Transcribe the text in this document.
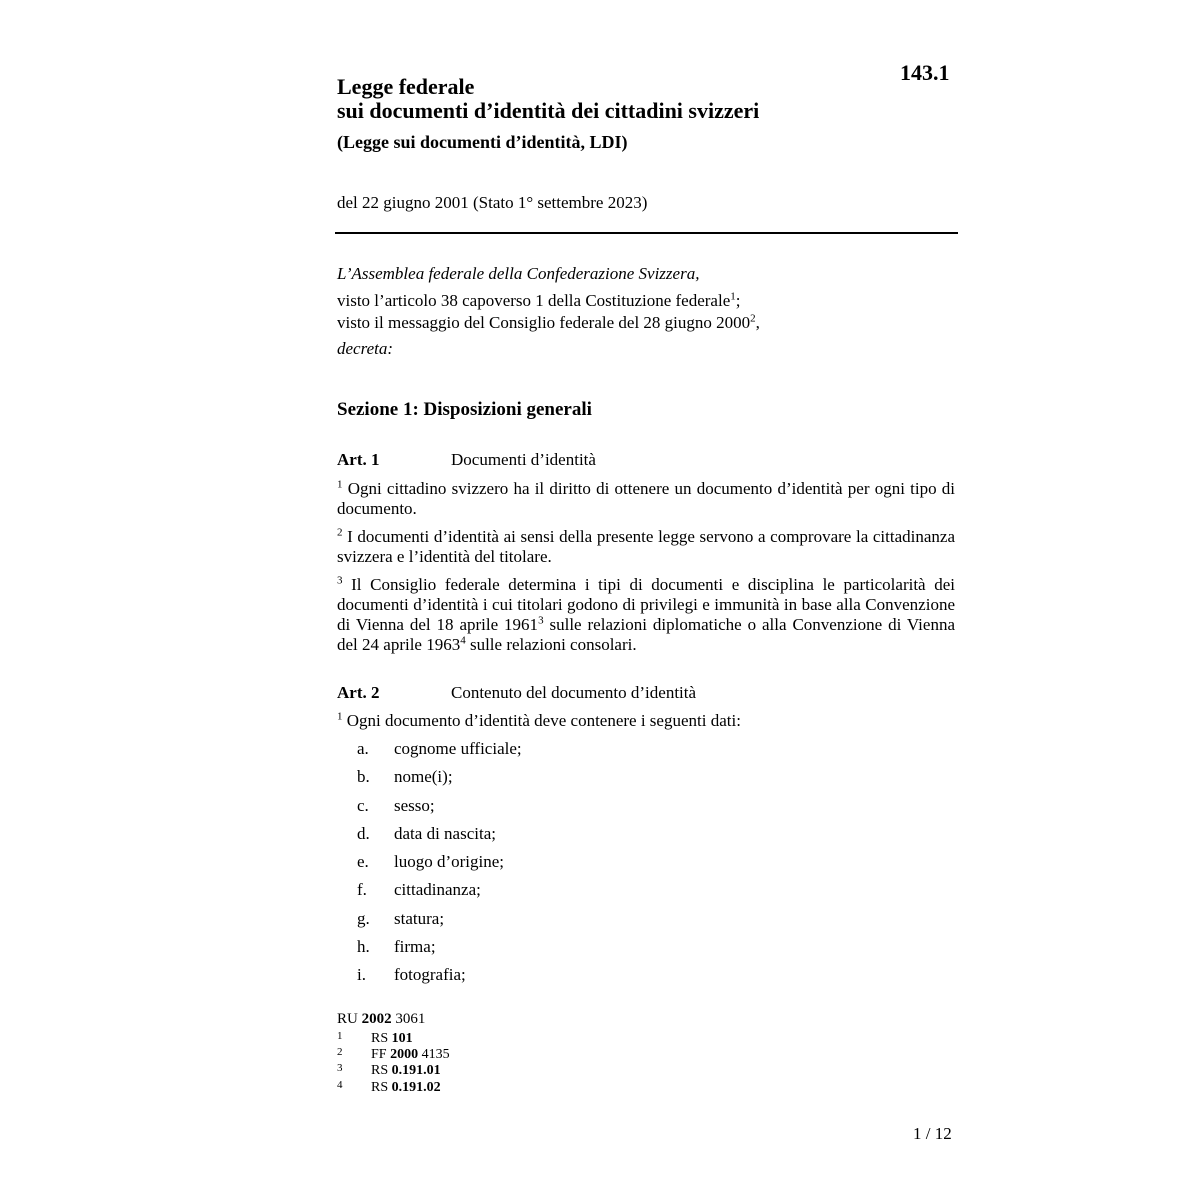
143.1
Legge federale
sui documenti d’identità dei cittadini svizzeri
(Legge sui documenti d’identità, LDI)
del 22 giugno 2001 (Stato 1° settembre 2023)
L’Assemblea federale della Confederazione Svizzera,
visto l’articolo 38 capoverso 1 della Costituzione federale$^1$;
visto il messaggio del Consiglio federale del 28 giugno 2000$^2$,
decreta:
Sezione 1: Disposizioni generali
Art. 1	Documenti d’identità
$^1$ Ogni cittadino svizzero ha il diritto di ottenere un documento d’identità per ogni tipo di documento.
$^2$ I documenti d’identità ai sensi della presente legge servono a comprovare la cittadinanza svizzera e l’identità del titolare.
$^3$ Il Consiglio federale determina i tipi di documenti e disciplina le particolarità dei documenti d’identità i cui titolari godono di privilegi e immunità in base alla Convenzione di Vienna del 18 aprile 1961$^3$ sulle relazioni diplomatiche o alla Convenzione di Vienna del 24 aprile 1963$^4$ sulle relazioni consolari.
Art. 2	Contenuto del documento d’identità
$^1$ Ogni documento d’identità deve contenere i seguenti dati:
a. cognome ufficiale;
b. nome(i);
c. sesso;
d. data di nascita;
e. luogo d’origine;
f. cittadinanza;
g. statura;
h. firma;
i. fotografia;
RU 2002 3061
1 RS 101
2 FF 2000 4135
3 RS 0.191.01
4 RS 0.191.02
1 / 12
